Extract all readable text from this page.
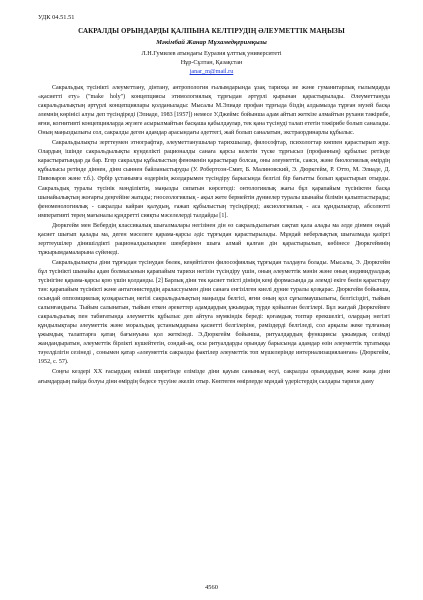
УДК 04.51.51
САКРАЛДЫ ОРЫНДАРДЫ ҚАЛПЫНА КЕЛТІРУДІҢ ӘЛЕУМЕТТІК МАҢЫЗЫ
Мәкімбай Жанар Мұхамедқеримқызы
Л.Н.Гумилев атындағы Еуразия ұлттық университеті
Нұр-Сұлтан, Қазақстан
janar_m@mail.ru

Сакральдық түсінікті әлеуметтану, дінтану, антропология ғылымдарында ұзақ тарихқа ие және гуманитарлық ғылымдарда «қасиетті ету» ("make holy") концепциясы этимологиялық тұрғыдан әртүрлі қырынан қарастырылады. Әлеуметтануда сакральдылықтың әртүрлі концепциялары қолданылады: Мысалы М.Элиаде профан тұрғыда біздің алдымызда тұрған музей басқа әлемнің көрінісі алуы деп түсіндіреді (Элиаде, 1983 [1957]) немесе У.Джеймс бойынша адам айтып жеткізе алмайтын рухани тәжірибе, яғни, когнитивті концепцияларда жүзеге асырылмайтын басқаша қабылдаулар, тек қана түсінуді талап ететін тәжірибе болып саналады. Оның маңыздылығы сол, сакралды деген адамдар арасындағы әдеттегі, жай болып саналатын, экстраординарлы құбылыс.

Сакральдылықты зерттеумен этнографтар, әлеуметтанушылар тарихшылар, философтар, психологтар көппен қарастырып жүр. Олардың ішінде сакральдылықты күнделікті рационалды санаға қарсы келетін түске тұрғысыз (профанның) құбылыс ретінде карастыратындар да бар. Егер сакралды құбылыстың феноменін қарастырар болсақ, оны әлеуметтік, саяси, және биологиялық өмірдің құбылысы ретінде діннен, дінм сыннен байланыстыруды (У. Робертсон-Смит, Б. Малиновский, Э. Дюркгейм, Р. Отто, М. Элиаде, Д. Пивоваров және т.б.). Әрбір ұстанымға өздерінің жолдарымен түсіндіру барысында белгілі бір бағытты болып қарастырып отырды. Сакральдық туралы түсінік мәнділіктің, маңызды сипатын көрсетеді: онтологиялық жағы бұл қарапайым түсініктен басқа шынайылықтың жоғарғы деңгейіне жатады; гносеологиялық - ақыл жете бермейтін дүниелер туралы шынайы білімін қалыптастырады; феноменологиялық - сакралды кайран қалудың, ғажап құбылыстың түсіндіреді; аксиологиялық - аса құндылықтар, абсолютті императивті терең мағыналы құндретті сияқты мәселелерді талдайды [1].

Дюркгейм мен Вебердің классикалық шығалмалары негізінен дін өз сакральдылығын сақтап қала алады ма әлде дінмен ондай қасиет шығып қалады ма, деген мәселеге қарама-қарсы әдіс тұрғыдан қарастырылады. Мұндай веберлықтық шығалмада қазіргі зерттеушілер дінишілдікті рационалдылықпен шеңберінен шыға алмай қалған дін қарастырылып, көбінесе Дюркгеймнің тұжырымдамаларына сүйенеді.

Сакральдылықты діни тұрғыдан түсінудан бөлек, кеңейтілген философиялық тұрғыдан талдауға болады. Мысалы, Э. Дюркгейм бұл түсінікті шынайы адам болмысынын қарапайым тарихи негізін түсіндіру үшін, оның әлеуметтік мәнін және оның индивидуалдық түсінігіне қарама-қарсы қою үшін қолданды. [2] Барлық діни тек қасиет тиісті дініңің кеңі формасында да әлемді екіге бөлін қарастыру тән: қарапайым түсінікті және антагонистердің аралассуымен діни санаға енгізілген киелі дүние туралы қозқарас. Дюркгейм бойынша, осындай оппозициялық қозқарастың негізі сакральдылықтың маңызды белгісі, яғни оның қол сұғылмаушылығы, белгісіздігі, тыйым салынғандығы. Тыйым салынатын, тыйым еткен әрекеттер адамдардың ұжымдық түрде қойылған белгілері. Бұл жағдай Дюркгеймге сакральдылық пен табиғатында әлеуметтік құбылыс деп айтуға мүмкіндік береді: қоғамдық топтар ерекшелігі, олардың негізгі құндылықтары әлеуметтік және моральдық ұстанымдарына қасиетті белгілеріне, рәміздерді белгіледі, сол арқылы жеке тұлғаның ұжымдық талаптарға қатаң бағынуына қол жеткізеді. Э.Дюркгейм бойынша, ритуалдардың функциясы ұжымдық сезімді жандандыратын, әлеуметтік бірлікті күшейтетін, сондай-ақ, осы ритуалдарды орындау барысында адамдар өзін әлеуметтік тұтатыққа тәуелділігін сезінеді , сонымен қатар «әлеуметтік сакралды фактілер әлеуметтік топ мүшелерінде интернализацияланған» (Дюркгейм, 1952, с. 57).

Соңғы кездері ХХ ғасырдың екінші ширегінде еліміздe діни қауым санының өсуі, сакралды орындардың және жаңа діни ағымдардың пайда болуы діни өмірдің бедесе түсуіне әкеліп отыр. Көптеген өмірлерде мұндай үдерістердің салдары тарихи даму

4560
